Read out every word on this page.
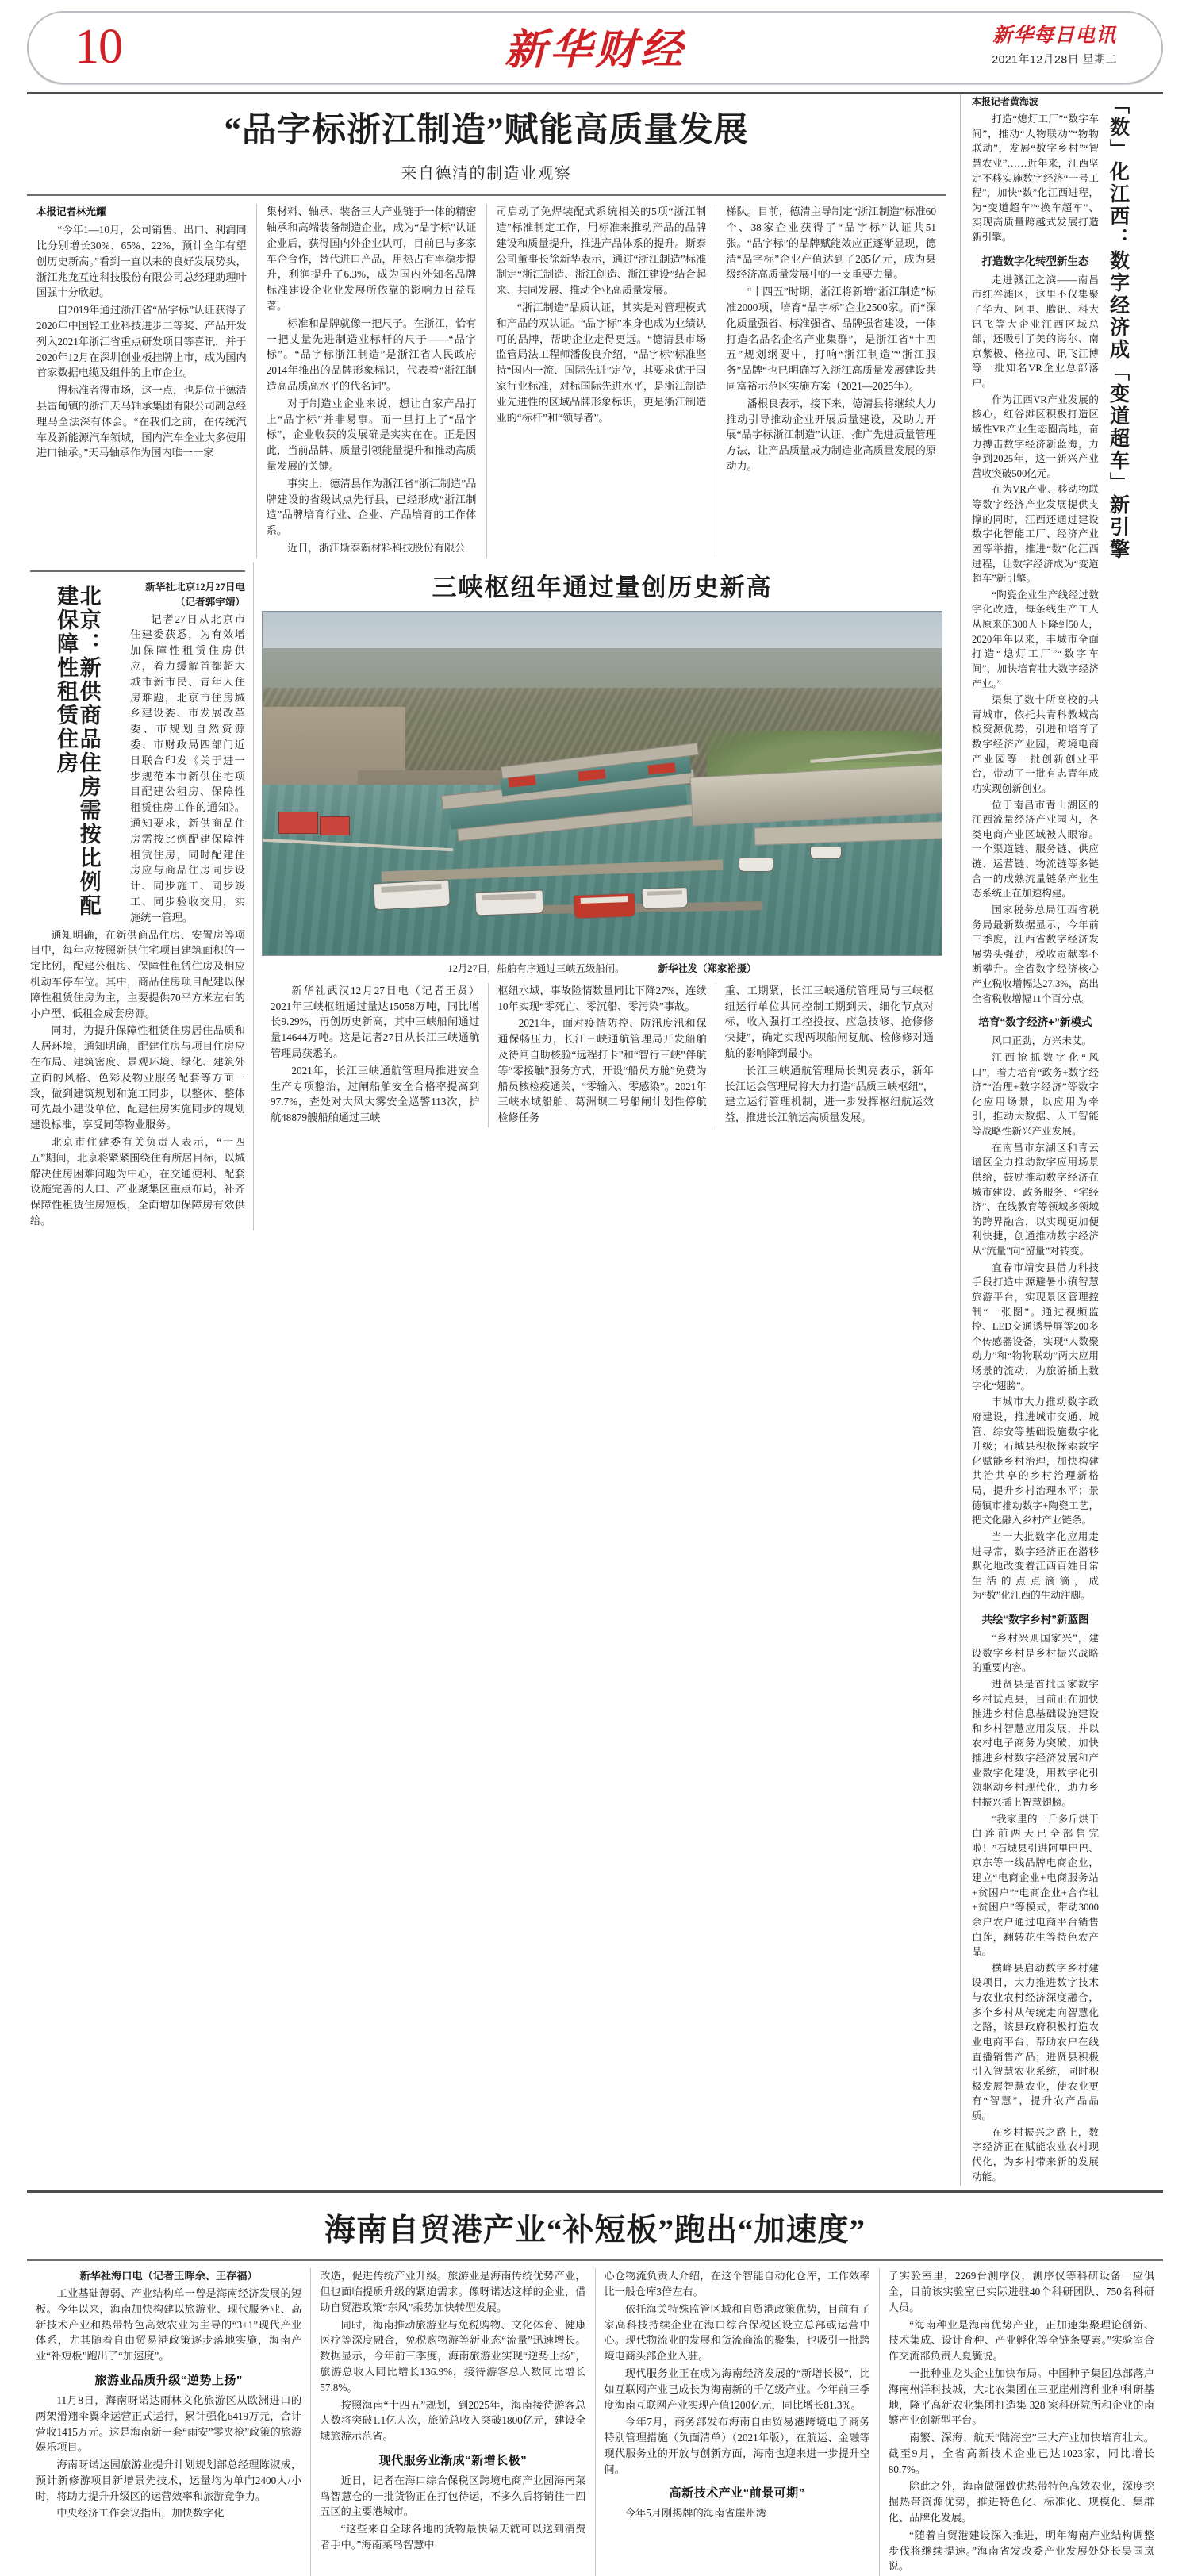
10	新华财经	新华每日电讯
2021年12月28日 星期二
“品字标浙江制造”赋能高质量发展
来自德清的制造业观察
本报记者林光耀

“今年1—10月，公司销售、出口、利润同比分别增长30%、65%、22%，预计全年有望创历史新高。”看到一直以来的良好发展势头，浙江兆龙互连科技股份有限公司总经理助理叶国强十分欣慰。

自2019年通过浙江省“品字标”认证获得了2020年中国轻工业科技进步二等奖、产品开发列入2021年浙江省重点研发项目等喜讯，并于2020年12月在深圳创业板挂牌上市，成为国内首家数据电缆及组件的上市企业。

得标准者得市场，这一点，也是位于德清县雷甸镇的浙江天马轴承集团有限公司副总经理马全法深有体会。“在我们之前，在传统汽车及新能源汽车领域，国内汽车企业大多使用进口轴承。”天马轴承作为国内唯一一家

集材料、轴承、装备三大产业链于一体的精密轴承和高端装备制造企业，成为“品字标”认证企业后，获得国内外企业认可，目前已与多家车企合作，替代进口产品，用热占有率稳步提升，利润提升了6.3%，成为国内外知名品牌标准建设企业业发展所依靠的影响力日益显著。

标准和品牌就像一把尺子。在浙江，恰有一把丈量先进制造业标杆的尺子——“品字标”。“品字标浙江制造”是浙江省人民政府2014年推出的品牌形象标识，代表着“浙江制造高品质高水平的代名词”。

对于制造业企业来说，想让自家产品打上“品字标”并非易事。而一旦打上了“品字标”，企业收获的发展确是实实在在。正是因此，当前品牌、质量引领能量提升和推动高质量发展的关键。

事实上，德清县作为浙江省“浙江制造”品牌建设的省级试点先行县，已经形成“浙江制造”品牌培育行业、企业、产品培育的工作体系。

近日，浙江斯泰新材料科技股份有限公

司启动了免焊装配式系统相关的5项“浙江制造”标准制定工作，用标准来推动产品的品牌建设和质量提升，推进产品体系的提升。斯泰公司董事长徐新华表示，通过“浙江制造”标准制定“浙江制造、浙江创造、浙江建设”结合起来、共同发展、推动企业高质量发展。

“浙江制造”品质认证，其实是对管理模式和产品的双认证。“品字标”本身也成为业绩认可的品牌，帮助企业走得更远。“德清县市场监管局法工程师潘俊良介绍，“品字标”标准坚持“国内一流、国际先进”定位，其要求优于国家行业标准，对标国际先进水平，是浙江制造业先进性的区域品牌形象标识，更是浙江制造业的“标杆”和“领导者”。

梯队。目前，德清主导制定“浙江制造”标准60个、38家企业获得了“品字标”认证共51张。“品字标”的品牌赋能效应正逐渐显现，德清“品字标”企业产值达到了285亿元，成为县级经济高质量发展中的一支重要力量。

“十四五”时期，浙江将新增“浙江制造”标准2000项，培育“品字标”企业2500家。而“深化质量强省、标准强省、品牌强省建设，一体打造名品名企名产业集群”，是浙江省“十四五”规划纲要中，打响“浙江制造”“浙江服务”品牌“也已明确写入浙江高质量发展建设共同富裕示范区实施方案（2021—2025年）。

潘根良表示，接下来，德清县将继续大力推动引导推动企业开展质量建设，及助力开展“品字标浙江制造”认证，推广先进质量管理方法，让产品质量成为制造业高质量发展的原动力。

北京：新供商品住房需按比例配建保障性租赁住房	新华社北京12月27日电（记者郭宇靖）

记者27日从北京市住建委获悉，为有效增加保障性租赁住房供应，着力缓解首都超大城市新市民、青年人住房难题，北京市住房城乡建设委、市发展改革委、市规划自然资源委、市财政局四部门近日联合印发《关于进一步规范本市新供住宅项目配建公租房、保障性租赁住房工作的通知》。通知要求，新供商品住房需按比例配建保障性租赁住房，同时配建住房应与商品住房同步设计、同步施工、同步竣工、同步验收交用，实施统一管理。

通知明确，在新供商品住房、安置房等项目中，每年应按照新供住宅项目建筑面积的一定比例，配建公租房、保障性租赁住房及相应机动车停车位。其中，商品住房项目配建以保障性租赁住房为主，主要提供70平方米左右的小户型、低租金成套房源。

同时，为提升保障性租赁住房居住品质和人居环境，通知明确，配建住房与项目住房应在布局、建筑密度、景观环境、绿化、建筑外立面的风格、色彩及物业服务配套等方面一致，做到建筑规划和施工同步，以整体、整体可先最小建设单位、配建住房实施同步的规划建设标准，享受同等物业服务。

北京市住建委有关负责人表示，“十四五”期间，北京将紧紧围绕住有所居目标，以城解决住房困难问题为中心，在交通便利、配套设施完善的人口、产业聚集区重点布局，补齐保障性租赁住房短板，全面增加保障房有效供给。

三峡枢纽年通过量创历史新高
12月27日，船舶有序通过三峡五级船闸。	新华社发（郑家裕摄）

新华社武汉12月27日电（记者王贤）2021年三峡枢纽通过量达15058万吨，同比增长9.29%，再创历史新高，其中三峡船闸通过量14644万吨。这是记者27日从长江三峡通航管理局获悉的。

2021年，长江三峡通航管理局推进安全生产专项整治，过闸船舶安全合格率提高到97.7%，查处对大风大雾安全巡警113次，护航48879艘船舶通过三峡

枢纽水域，事故险情数量同比下降27%，连续10年实现“零死亡、零沉船、零污染”事故。

2021年，面对疫情防控、防汛度汛和保通保畅压力，长江三峡通航管理局开发船舶及待闸自助核验“远程打卡”和“智行三峡”伴航等“零接触”服务方式，开设“船员方舱”免费为船员核检疫通关，“零输入、零感染”。2021年三峡水域船舶、葛洲坝二号船闸计划性停航检修任务

重、工期紧，长江三峡通航管理局与三峡枢纽运行单位共同控制工期到天、细化节点对标，收入强打工控投技、应急技修、抢修修快捷”，确定实现两坝船闸复航、检修修对通航的影响降到最小。

长江三峡通航管理局长凯亮表示，新年长江运会管理局将大力打造“品质三峡枢纽”，建立运行管理机制，进一步发挥枢纽航运效益，推进长江航运高质量发展。

本报记者黄海波

打造“熄灯工厂”“数字车间”，推动“人物联动”“物物联动”，发展“数字乡村”“智慧农业”……近年来，江西坚定不移实施数字经济“一号工程”，加快“数”化江西进程，为“变道超车”“换车超车”、实现高质量跨越式发展打造新引擎。

打造数字化转型新生态

走进赣江之滨——南昌市红谷滩区，这里不仅集聚了华为、阿里、腾讯、科大讯飞等大企业江西区域总部，还吸引了美的海尔、南京紫极、格拉司、讯飞江博等一批知名VR企业总部落户。

作为江西VR产业发展的核心，红谷滩区积极打造区域性VR产业生态圈高地，奋力搏击数字经济新蓝海，力争到2025年，这一新兴产业营收突破500亿元。

在为VR产业、移动物联等数字经济产业发展提供支撑的同时，江西还通过建设数字化智能工厂、经济产业园等举措，推进“数”化江西进程，让数字经济成为“变道超车”新引擎。

“陶瓷企业生产线经过数字化改造，每条线生产工人从原来的300人下降到50人，2020年年以来，丰城市全面打造“熄灯工厂”“数字车间”，加快培育壮大数字经济产业。”

渠集了数十所高校的共青城市，依托共青科教城高校资源优势，引进和培育了数字经济产业园，跨境电商产业园等一批创新创业平台，带动了一批有志青年成功实现创新创业。

位于南昌市青山湖区的江西流量经济产业园内，各类电商产业区域被人眼帘。一个渠道链、服务链、供应链、运营链、物流链等多链合一的成熟流量链条产业生态系统正在加速构建。

国家税务总局江西省税务局最新数据显示，今年前三季度，江西省数字经济发展势头强劲，税收贡献率不断攀升。全省数字经济核心产业税收增幅达27.3%，高出全省税收增幅11个百分点。

培育“数字经济+”新模式

风口正劲，方兴未艾。

江西抢抓数字化“风口”，着力培育“政务+数字经济”“治理+数字经济”等数字化应用场景，以应用为牵引，推动大数据、人工智能等战略性新兴产业发展。

在南昌市东湖区和青云谱区全力推动数字应用场景供给，鼓励推动数字经济在城市建设、政务服务、“宅经济”、在线教育等领域多领域的跨界融合，以实现更加便利快捷，创通推动数字经济从“流量”向“留量”对转变。

宜春市靖安县借力科技手段打造中源避暑小镇智慧旅游平台，实现景区管理控制“一张图”。通过视频监控、LED交通诱导屏等200多个传感器设备，实现“人数聚动力”和“物物联动”两大应用场景的流动，为旅游插上数字化“翅膀”。

丰城市大力推动数字政府建设，推进城市交通、城管、综安等基础设施数字化升级；石城县积极探索数字化赋能乡村治理，加快构建共治共享的乡村治理新格局，提升乡村治理水平；景德镇市推动数字+陶瓷工艺，把文化融入乡村产业链条。

当一大批数字化应用走进寻常，数字经济正在潜移默化地改变着江西百姓日常生活的点点滴滴，成为“数”化江西的生动注脚。

共绘“数字乡村”新蓝图

“乡村兴则国家兴”，建设数字乡村是乡村振兴战略的重要内容。

进贤县是首批国家数字乡村试点县，目前正在加快推进乡村信息基础设施建设和乡村智慧应用发展，并以农村电子商务为突破，加快推进乡村数字经济发展和产业数字化建设，用数字化引领驱动乡村现代化，助力乡村振兴插上智慧翅膀。

“我家里的一斤多斤烘干白莲前两天已全部售完啦！”石城县引进阿里巴巴、京东等一线品牌电商企业，建立“电商企业+电商服务站+贫困户”“电商企业+合作社+贫困户”等模式，带动3000余户农户通过电商平台销售白莲，翻转花生等特色农产品。

横峰县启动数字乡村建设项目，大力推进数字技术与农业农村经济深度融合，多个乡村从传统走向智慧化之路，该县政府积极打造农业电商平台、帮助农户在线直播销售产品；进贤县积极引入智慧农业系统，同时积极发展智慧农业，使农业更有“智慧”，提升农产品品质。

在乡村振兴之路上，数字经济正在赋能农业农村现代化，为乡村带来新的发展动能。

「数」化江西：数字经济成「变道超车」新引擎
海南自贸港产业“补短板”跑出“加速度”

新华社海口电（记者王晖余、王存福）

工业基础薄弱、产业结构单一曾是海南经济发展的短板。今年以来，海南加快构建以旅游业、现代服务业、高新技术产业和热带特色高效农业为主导的“3+1”现代产业体系，尤其随着自由贸易港政策逐步落地实施，海南产业“补短板”跑出了“加速度”。

旅游业品质升级“逆势上扬”

11月8日，海南呀诺达雨林文化旅游区从欧洲进口的两架滑翔伞翼伞运营正式运行，累计强化6419万元，合计营收1415万元。这是海南新一套“雨安”零夹枪”政策的旅游娱乐项目。

海南呀诺达园旅游业提升计划规划部总经理陈淑成，预计新修游项目新增景先技术，运量均为单向2400人/小时，将助力提升升级区的运营效率和旅游竞争力。

中央经济工作会议指出，加快数字化

改造，促进传统产业升级。旅游业是海南传统优势产业，但也面临提质升级的紧迫需求。像呀诺达这样的企业，借助自贸港政策“东风”乘势加快转型发展。

同时，海南推动旅游业与免税购物、文化体育、健康医疗等深度融合，免税购物游等新业态“流量”迅速增长。数据显示，今年前三季度，海南旅游业实现“逆势上扬”，旅游总收入同比增长136.9%，接待游客总人数同比增长57.8%。

按照海南“十四五”规划，到2025年，海南接待游客总人数将突破1.1亿人次，旅游总收入突破1800亿元，建设全域旅游示范省。

现代服务业渐成“新增长极”

近日，记者在海口综合保税区跨境电商产业园海南菜鸟智慧仓的一批货物正在打包待运，不多久后将销往十四五区的主要港城市。

“这些来自全球各地的货物最快隔天就可以送到消费者手中。”海南菜鸟智慧中

心仓物流负责人介绍，在这个智能自动化仓库，工作效率比一般仓库3倍左右。

依托海关特殊监管区域和自贸港政策优势，目前有了家高科技持续企业在海口综合保税区设立总部或运营中心。现代物流业的发展和货流商流的聚集，也吸引一批跨境电商头部企业入驻。

现代服务业正在成为海南经济发展的“新增长极”，比如互联网产业已成长为海南新的千亿级产业。今年前三季度海南互联网产业实现产值1200亿元，同比增长81.3%。

今年7月，商务部发布海南自由贸易港跨境电子商务特别管理措施（负面清单）（2021年版），在航运、金融等现代服务业的开放与创新方面，海南也迎来进一步提升空间。

高新技术产业“前景可期”

今年5月刚揭牌的海南省崖州湾

子实验室里，2269台测序仪，测序仪等科研设备一应俱全，目前该实验室已实际进驻40个科研团队、750名科研人员。

“海南种业是海南优势产业，正加速集聚理论创新、技术集成、设计育种、产业孵化等全链条要素。”实验室合作交流部负责人夏毓说。

一批种业龙头企业加快布局。中国种子集团总部落户海南州洋科技城，大北农集团在三亚崖州湾种业种科研基地，隆平高新农业集团打造集 328 家科研院所和企业的南繁产业创新型平台。

南繁、深海、航天“陆海空”三大产业加快培育壮大。截至9月，全省高新技术企业已达1023家，同比增长80.7%。

除此之外，海南做强做优热带特色高效农业，深度挖掘热带资源优势，推进特色化、标准化、规模化、集群化、品牌化发展。

“随着自贸港建设深入推进，明年海南产业结构调整步伐将继续提速。”海南省发改委产业发展处处长吴国岚说。
